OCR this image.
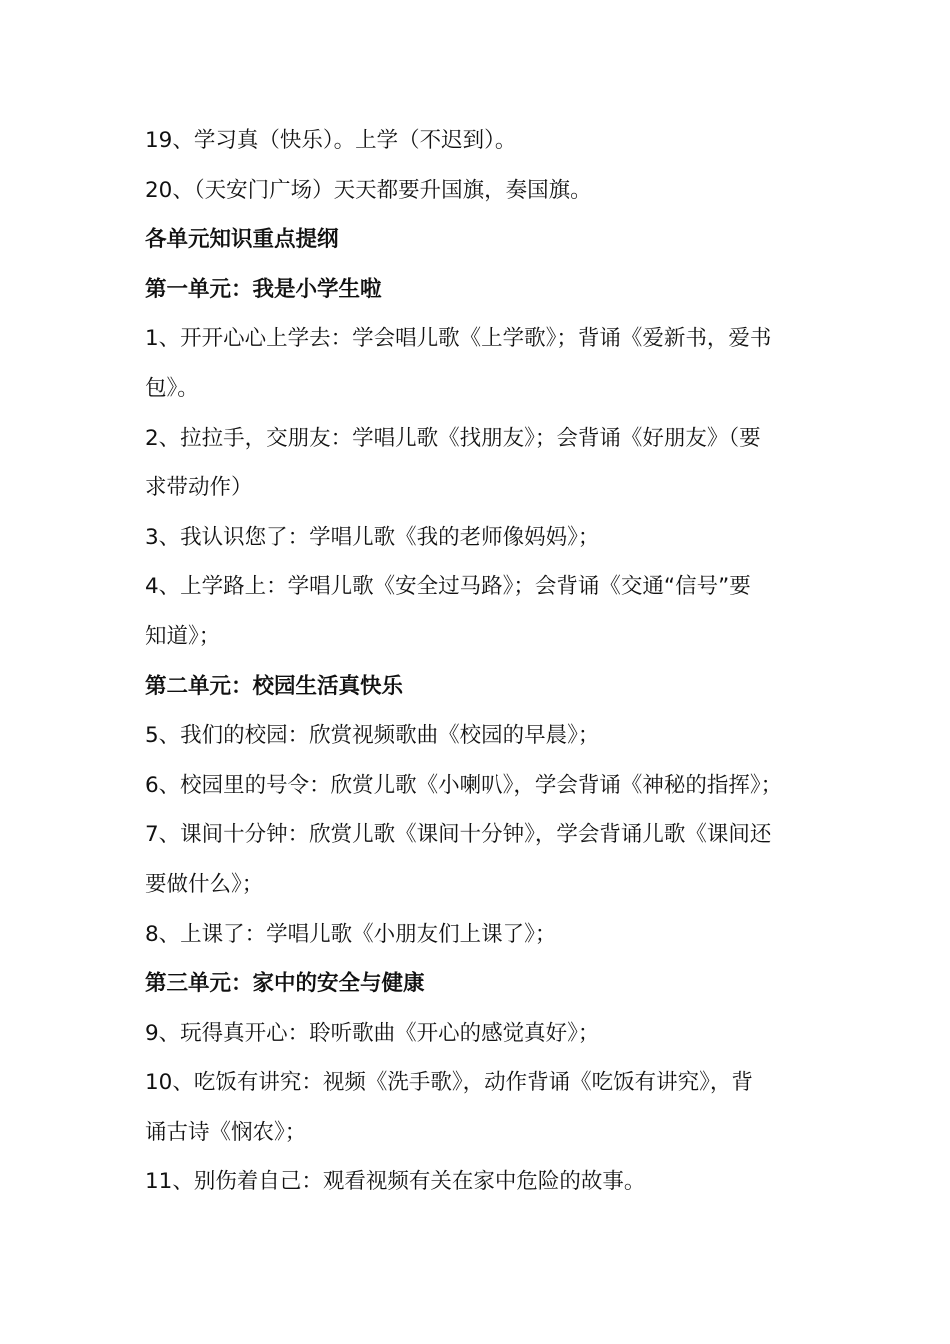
19、学习真（快乐）。上学（不迟到）。
20、（天安门广场）天天都要升国旗，奏国旗。
各单元知识重点提纲
第一单元：我是小学生啦
1、开开心心上学去：学会唱儿歌《上学歌》；背诵《爱新书，爱书
包》。
2、拉拉手，交朋友：学唱儿歌《找朋友》；会背诵《好朋友》（要
求带动作）
3、我认识您了：学唱儿歌《我的老师像妈妈》；
4、上学路上：学唱儿歌《安全过马路》；会背诵《交通“信号”要
知道》；
第二单元：校园生活真快乐
5、我们的校园：欣赏视频歌曲《校园的早晨》；
6、校园里的号令：欣赏儿歌《小喇叭》，学会背诵《神秘的指挥》；
7、课间十分钟：欣赏儿歌《课间十分钟》，学会背诵儿歌《课间还
要做什么》；
8、上课了：学唱儿歌《小朋友们上课了》；
第三单元：家中的安全与健康
9、玩得真开心：聆听歌曲《开心的感觉真好》；
10、吃饭有讲究：视频《洗手歌》，动作背诵《吃饭有讲究》，背
诵古诗《悯农》；
11、别伤着自己：观看视频有关在家中危险的故事。
